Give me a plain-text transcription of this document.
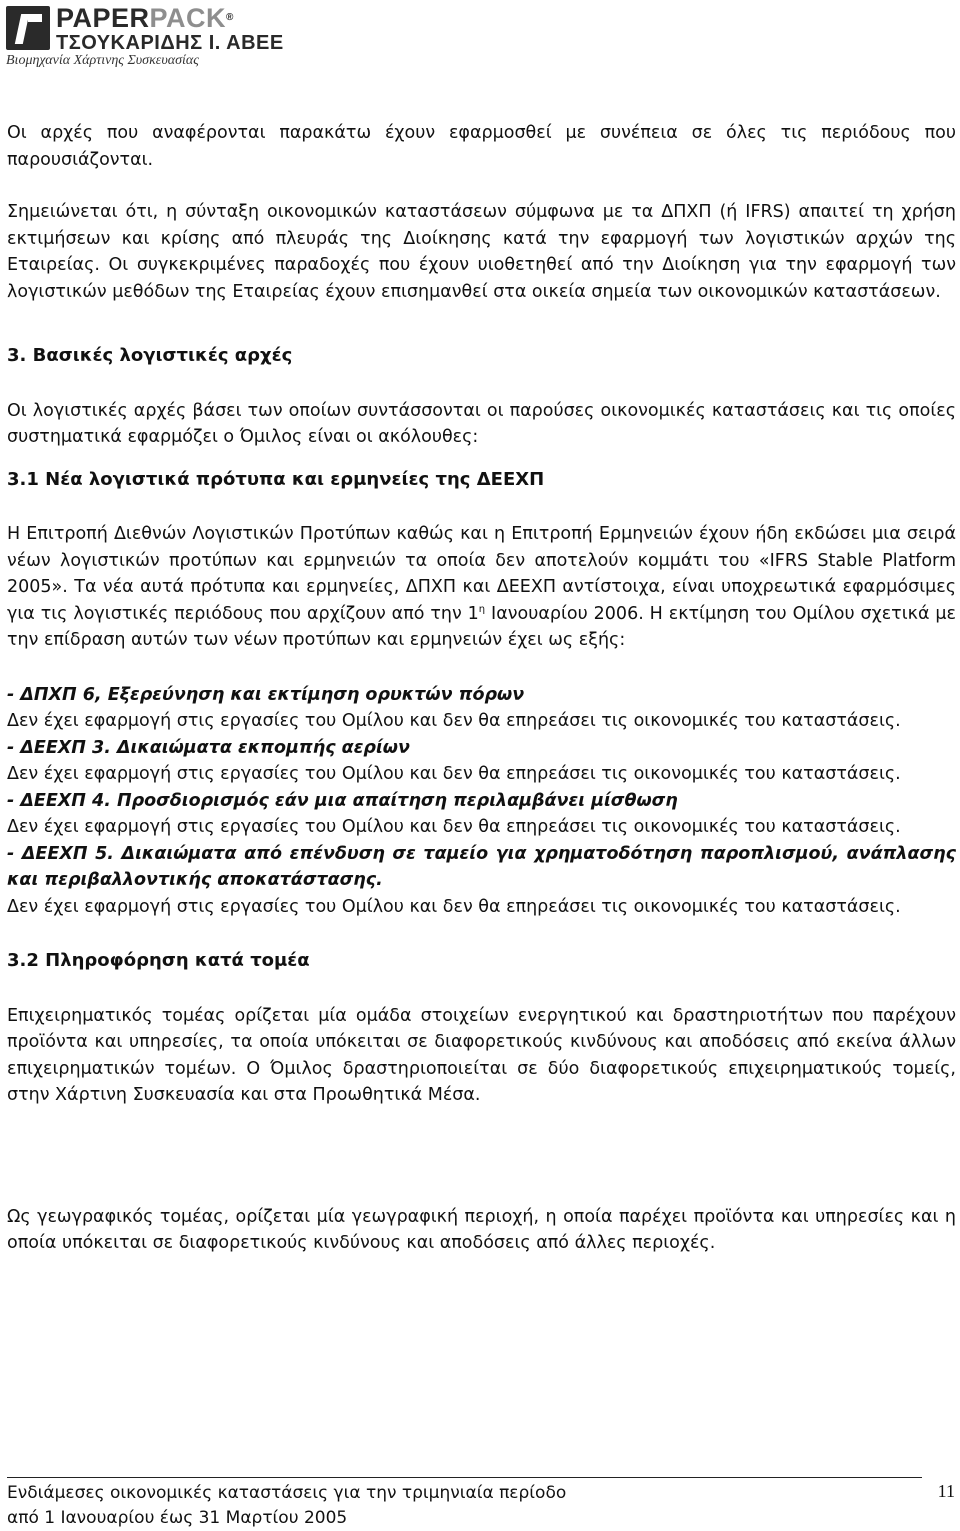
PAPERPACK®
ΤΣΟΥΚΑΡΙΔΗΣ Ι. ΑΒΕΕ
Βιομηχανία Χάρτινης Συσκευασίας

Οι αρχές που αναφέρονται παρακάτω έχουν εφαρμοσθεί με συνέπεια σε όλες τις περιόδους που παρουσιάζονται.

Σημειώνεται ότι, η σύνταξη οικονομικών καταστάσεων σύμφωνα με τα ΔΠΧΠ (ή IFRS) απαιτεί τη χρήση εκτιμήσεων και κρίσης από πλευράς της Διοίκησης κατά την εφαρμογή των λογιστικών αρχών της Εταιρείας. Οι συγκεκριμένες παραδοχές που έχουν υιοθετηθεί από την Διοίκηση για την εφαρμογή των λογιστικών μεθόδων της Εταιρείας έχουν επισημανθεί στα οικεία σημεία των οικονομικών καταστάσεων.

3. Βασικές λογιστικές αρχές

Οι λογιστικές αρχές βάσει των οποίων συντάσσονται οι παρούσες οικονομικές καταστάσεις και τις οποίες συστηματικά εφαρμόζει ο Όμιλος είναι οι ακόλουθες:

3.1 Νέα λογιστικά πρότυπα και ερμηνείες της ΔΕΕΧΠ

Η Επιτροπή Διεθνών Λογιστικών Προτύπων καθώς και η Επιτροπή Ερμηνειών έχουν ήδη εκδώσει μια σειρά νέων λογιστικών προτύπων και ερμηνειών τα οποία δεν αποτελούν κομμάτι του «IFRS Stable Platform 2005». Τα νέα αυτά πρότυπα και ερμηνείες, ΔΠΧΠ και ΔΕΕΧΠ αντίστοιχα, είναι υποχρεωτικά εφαρμόσιμες για τις λογιστικές περιόδους που αρχίζουν από την $1^\eta$ Ιανουαρίου 2006. Η εκτίμηση του Ομίλου σχετικά με την επίδραση αυτών των νέων προτύπων και ερμηνειών έχει ως εξής:

- ΔΠΧΠ 6, Εξερεύνηση και εκτίμηση ορυκτών πόρων

Δεν έχει εφαρμογή στις εργασίες του Ομίλου και δεν θα επηρεάσει τις οικονομικές του καταστάσεις.

- ΔΕΕΧΠ 3. Δικαιώματα εκπομπής αερίων

Δεν έχει εφαρμογή στις εργασίες του Ομίλου και δεν θα επηρεάσει τις οικονομικές του καταστάσεις.

- ΔΕΕΧΠ 4. Προσδιορισμός εάν μια απαίτηση περιλαμβάνει μίσθωση

Δεν έχει εφαρμογή στις εργασίες του Ομίλου και δεν θα επηρεάσει τις οικονομικές του καταστάσεις.

- ΔΕΕΧΠ 5. Δικαιώματα από επένδυση σε ταμείο για χρηματοδότηση παροπλισμού, ανάπλασης και περιβαλλοντικής αποκατάστασης.

Δεν έχει εφαρμογή στις εργασίες του Ομίλου και δεν θα επηρεάσει τις οικονομικές του καταστάσεις.

3.2 Πληροφόρηση κατά τομέα

Επιχειρηματικός τομέας ορίζεται μία ομάδα στοιχείων ενεργητικού και δραστηριοτήτων που παρέχουν προϊόντα και υπηρεσίες, τα οποία υπόκειται σε διαφορετικούς κινδύνους και αποδόσεις από εκείνα άλλων επιχειρηματικών τομέων. Ο Όμιλος δραστηριοποιείται σε δύο διαφορετικούς επιχειρηματικούς τομείς, στην Χάρτινη Συσκευασία και στα Προωθητικά Μέσα.

Ως γεωγραφικός τομέας, ορίζεται μία γεωγραφική περιοχή, η οποία παρέχει προϊόντα και υπηρεσίες και η οποία υπόκειται σε διαφορετικούς κινδύνους και αποδόσεις από άλλες περιοχές.

Ενδιάμεσες οικονομικές καταστάσεις για την τριμηνιαία περίοδο
από 1 Ιανουαρίου έως 31 Μαρτίου 2005
11
